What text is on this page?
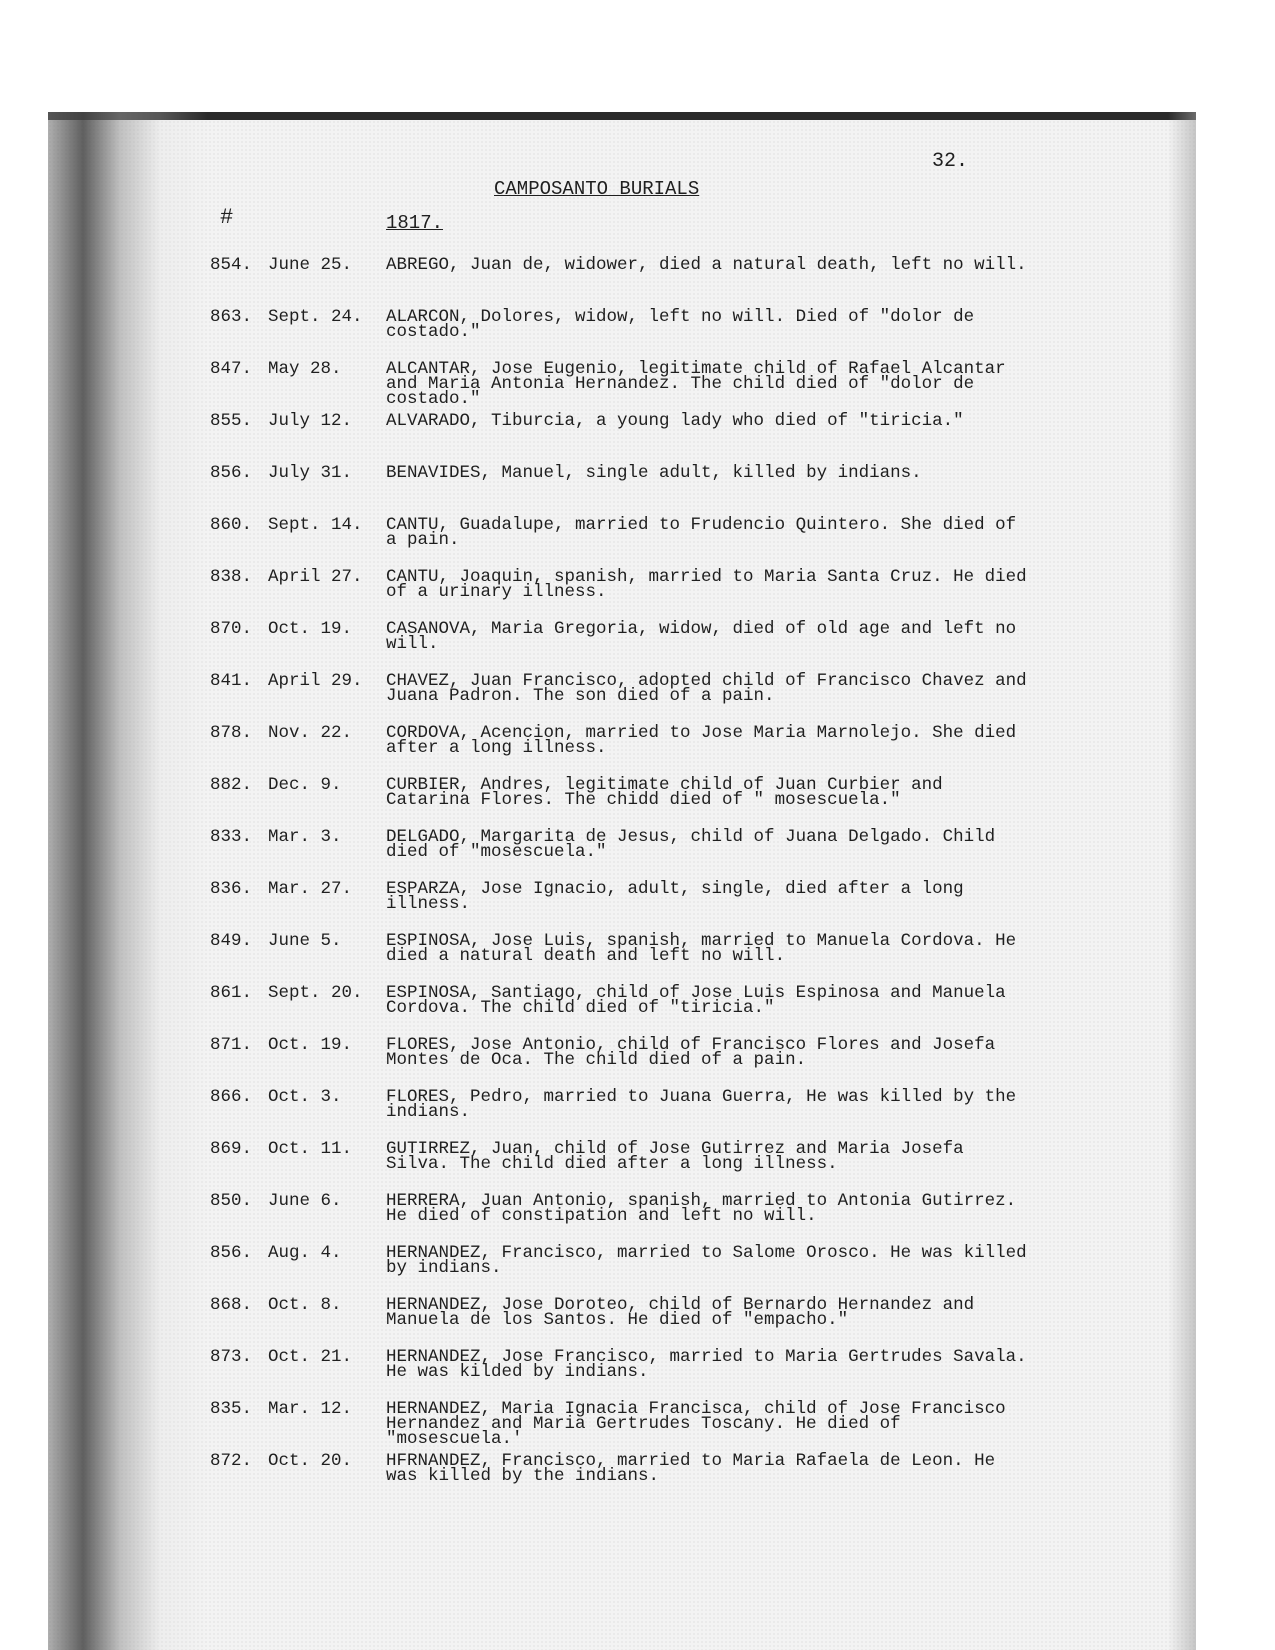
32.
CAMPOSANTO BURIALS
#	1817.
854. June 25.	ABREGO, Juan de, widower, died a natural death, left no will.
863. Sept. 24.	ALARCON, Dolores, widow, left no will. Died of "dolor de costado."
847. May 28.	ALCANTAR, Jose Eugenio, legitimate child of Rafael Alcantar and Maria Antonia Hernandez. The child died of "dolor de costado."
855. July 12.	ALVARADO, Tiburcia, a young lady who died of "tiricia."
856. July 31.	BENAVIDES, Manuel, single adult, killed by indians.
860. Sept. 14.	CANTU, Guadalupe, married to Frudencio Quintero. She died of a pain.
838. April 27.	CANTU, Joaquin, spanish, married to Maria Santa Cruz. He died of a urinary illness.
870. Oct. 19.	CASANOVA, Maria Gregoria, widow, died of old age and left no will.
841. April 29.	CHAVEZ, Juan Francisco, adopted child of Francisco Chavez and Juana Padron. The son died of a pain.
878. Nov. 22.	CORDOVA, Acencion, married to Jose Maria Marnolejo. She died after a long illness.
882. Dec. 9.	CURBIER, Andres, legitimate child of Juan Curbier and Catarina Flores. The chidd died of " mosescuela."
833. Mar. 3.	DELGADO, Margarita de Jesus, child of Juana Delgado. Child died of "mosescuela."
836. Mar. 27.	ESPARZA, Jose Ignacio, adult, single, died after a long illness.
849. June 5.	ESPINOSA, Jose Luis, spanish, married to Manuela Cordova. He died a natural death and left no will.
861. Sept. 20.	ESPINOSA, Santiago, child of Jose Luis Espinosa and Manuela Cordova. The child died of "tiricia."
871. Oct. 19.	FLORES, Jose Antonio, child of Francisco Flores and Josefa Montes de Oca. The child died of a pain.
866. Oct. 3.	FLORES, Pedro, married to Juana Guerra, He was killed by the indians.
869. Oct. 11.	GUTIRREZ, Juan, child of Jose Gutirrez and Maria Josefa Silva. The child died after a long illness.
850. June 6.	HERRERA, Juan Antonio, spanish, married to Antonia Gutirrez. He died of constipation and left no will.
856. Aug. 4.	HERNANDEZ, Francisco, married to Salome Orosco. He was killed by indians.
868. Oct. 8.	HERNANDEZ, Jose Doroteo, child of Bernardo Hernandez and Manuela de los Santos. He died of "empacho."
873. Oct. 21.	HERNANDEZ, Jose Francisco, married to Maria Gertrudes Savala. He was kilded by indians.
835. Mar. 12.	HERNANDEZ, Maria Ignacia Francisca, child of Jose Francisco Hernandez and Maria Gertrudes Toscany. He died of "mosescuela.'
872. Oct. 20.	HFRNANDEZ, Francisco, married to Maria Rafaela de Leon. He was killed by the indians.
